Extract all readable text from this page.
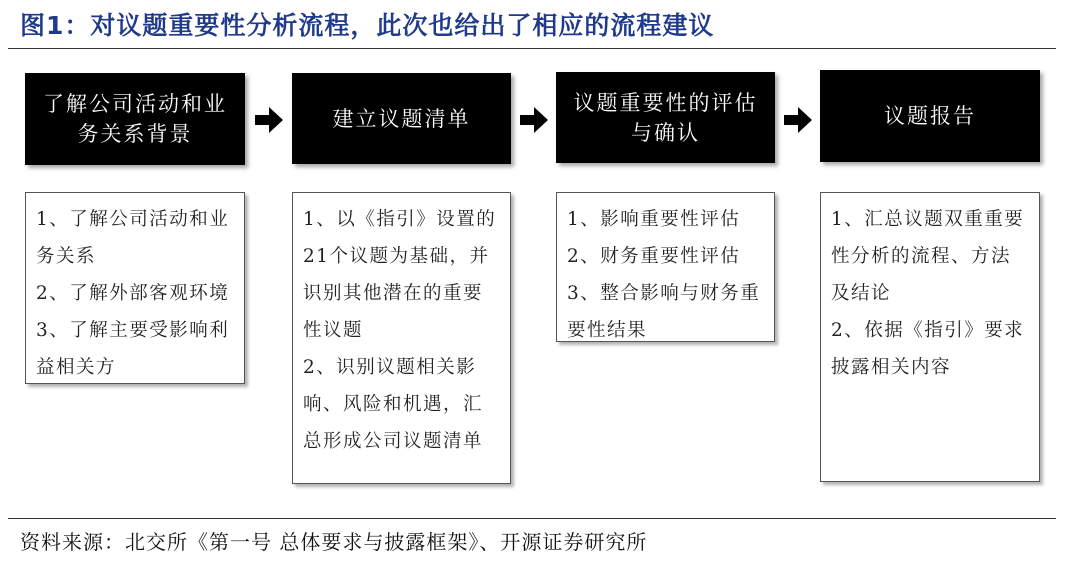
图1：对议题重要性分析流程，此次也给出了相应的流程建议
了解公司活动和业务关系背景
建立议题清单
议题重要性的评估与确认
议题报告
1、了解公司活动和业务关系
2、了解外部客观环境
3、了解主要受影响利益相关方
1、以《指引》设置的21个议题为基础，并识别其他潜在的重要性议题
2、识别议题相关影响、风险和机遇，汇总形成公司议题清单
1、影响重要性评估
2、财务重要性评估
3、整合影响与财务重要性结果
1、汇总议题双重重要性分析的流程、方法及结论
2、依据《指引》要求披露相关内容
资料来源：北交所《第一号 总体要求与披露框架》、开源证券研究所
